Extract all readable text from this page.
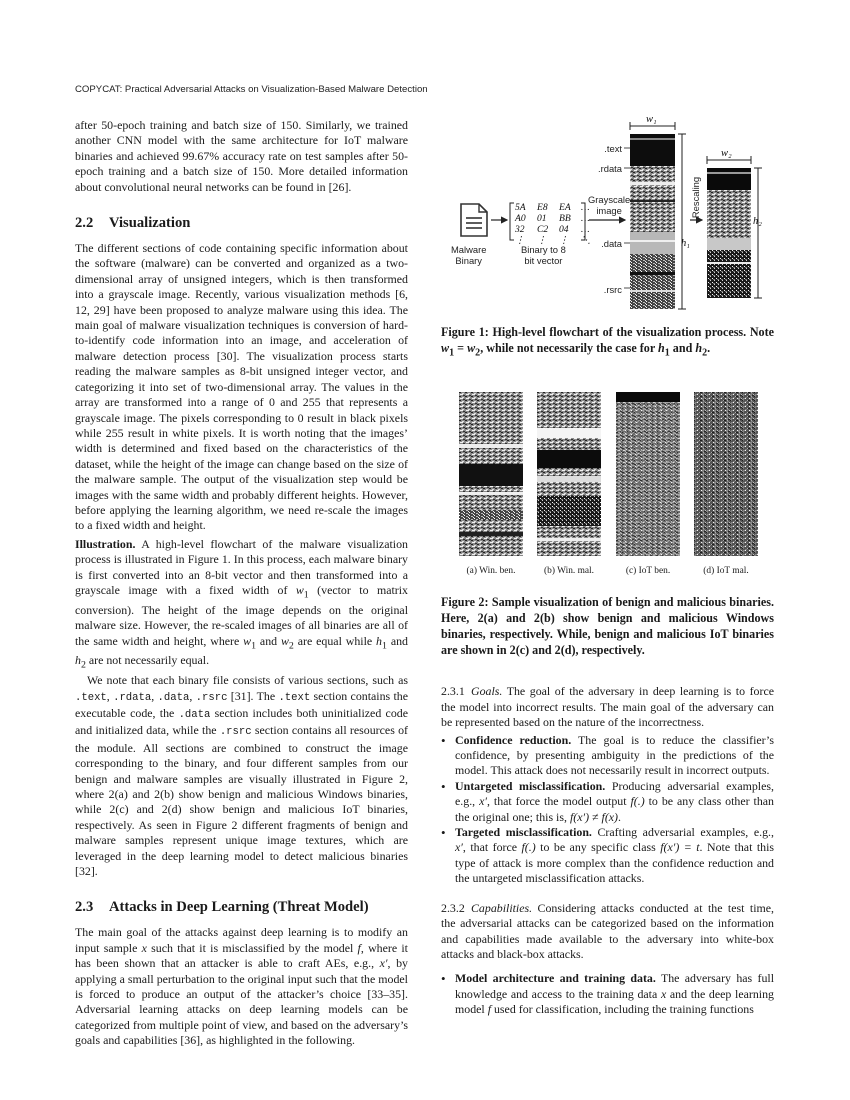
COPYCAT: Practical Adversarial Attacks on Visualization-Based Malware Detection

after 50-epoch training and batch size of 150. Similarly, we trained another CNN model with the same architecture for IoT malware binaries and achieved 99.67% accuracy rate on test samples after 50-epoch training and a batch size of 150. More detailed information about convolutional neural networks can be found in [26].

2.2 Visualization

The different sections of code containing specific information about the software (malware) can be converted and organized as a two-dimensional array of unsigned integers, which is then transformed into a grayscale image. Recently, various visualization methods [6, 12, 29] have been proposed to analyze malware using this idea. The main goal of malware visualization techniques is conversion of hard-to-identify code information into an image, and acceleration of malware detection process [30]. The visualization process starts reading the malware samples as 8-bit unsigned integer vector, and categorizing it into set of two-dimensional array. The values in the array are transformed into a range of 0 and 255 that represents a grayscale image. The pixels corresponding to 0 result in black pixels while 255 result in white pixels. It is worth noting that the images’ width is determined and fixed based on the characteristics of the dataset, while the height of the image can change based on the size of the malware sample. The output of the visualization step would be images with the same width and probably different heights. However, before applying the learning algorithm, we need re-scale the images to a fixed width and height.

Illustration. A high-level flowchart of the malware visualization process is illustrated in Figure 1. In this process, each malware binary is first converted into an 8-bit vector and then transformed into a grayscale image with a fixed width of $w_1$ (vector to matrix conversion). The height of the image depends on the original malware size. However, the re-scaled images of all binaries are all of the same width and height, where $w_1$ and $w_2$ are equal while $h_1$ and $h_2$ are not necessarily equal.

We note that each binary file consists of various sections, such as .text, .rdata, .data, .rsrc [31]. The .text section contains the executable code, the .data section includes both uninitialized code and initialized data, while the .rsrc section contains all resources of the module. All sections are combined to construct the image corresponding to the binary, and four different samples from our benign and malware samples are visually illustrated in Figure 2, where 2(a) and 2(b) show benign and malicious Windows binaries, while 2(c) and 2(d) show benign and malicious IoT binaries, respectively. As seen in Figure 2 different fragments of benign and malware samples represent unique image textures, which are leveraged in the deep learning model to detect malicious binaries [32].

2.3 Attacks in Deep Learning (Threat Model)

The main goal of the attacks against deep learning is to modify an input sample x such that it is misclassified by the model f, where it has been shown that an attacker is able to craft AEs, e.g., x′, by applying a small perturbation to the original input such that the model is forced to produce an output of the attacker’s choice [33–35]. Adversarial learning attacks on deep learning models can be categorized from multiple point of view, and based on the adversary’s goals and capabilities [36], as highlighted in the following.

Malware
Binary
Binary to 8
bit vector
Grayscale
image	Rescaling
.text
.rdata
.data
.rsrc
w₁
w₂
h₁
h₂
5A E8 EA …
A0 01 BB …
32 C2 04 …
⋮ ⋮ ⋮ ⋱

Figure 1: High-level flowchart of the visualization process. Note $w_1 = w_2$, while not necessarily the case for $h_1$ and $h_2$.

(a) Win. ben.	(b) Win. mal.	(c) IoT ben.	(d) IoT mal.

Figure 2: Sample visualization of benign and malicious binaries. Here, 2(a) and 2(b) show benign and malicious Windows binaries, respectively. While, benign and malicious IoT binaries are shown in 2(c) and 2(d), respectively.

2.3.1 Goals. The goal of the adversary in deep learning is to force the model into incorrect results. The main goal of the adversary can be represented based on the nature of the incorrectness.

• Confidence reduction. The goal is to reduce the classifier’s confidence, by presenting ambiguity in the predictions of the model. This attack does not necessarily result in incorrect outputs.
• Untargeted misclassification. Producing adversarial examples, e.g., x′, that force the model output f(.) to be any class other than the original one; this is, f(x′) ≠ f(x).
• Targeted misclassification. Crafting adversarial examples, e.g., x′, that force f(.) to be any specific class f(x′) = t. Note that this type of attack is more complex than the confidence reduction and the untargeted misclassification attacks.

2.3.2 Capabilities. Considering attacks conducted at the test time, the adversarial attacks can be categorized based on the information and capabilities made available to the adversary into white-box attacks and black-box attacks.

• Model architecture and training data. The adversary has full knowledge and access to the training data x and the deep learning model f used for classification, including the training functions
